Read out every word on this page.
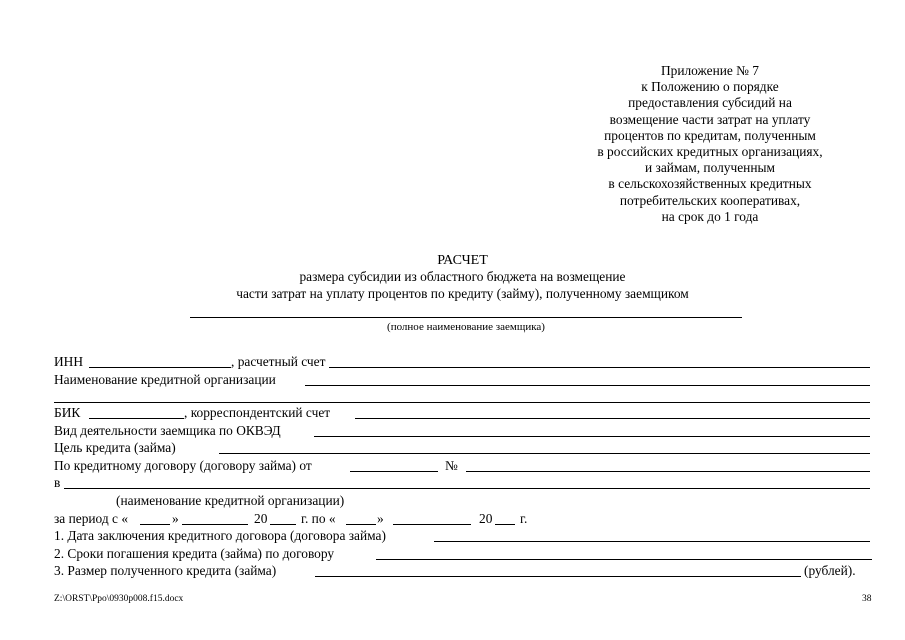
Приложение № 7
к Положению о порядке
предоставления субсидий на
возмещение части затрат на уплату
процентов по кредитам, полученным
в российских кредитных организациях,
и займам, полученным
в сельскохозяйственных кредитных
потребительских кооперативах,
на срок до 1 года
РАСЧЕТ
размера субсидии из областного бюджета на возмещение
части затрат на уплату процентов по кредиту (займу), полученному заемщиком
(полное наименование заемщика)
ИНН	, расчетный счет
Наименование кредитной организации
БИК	, корреспондентский счет
Вид деятельности заемщика по ОКВЭД
Цель кредита (займа)
По кредитному договору (договору займа) от	№
в
(наименование кредитной организации)
за период с «	»	20	г. по «	»	20 г.
1. Дата заключения кредитного договора (договора займа)
2. Сроки погашения кредита (займа) по договору
3. Размер полученного кредита (займа)	(рублей).
Z:\ORST\Ppo\0930p008.f15.docx	38
